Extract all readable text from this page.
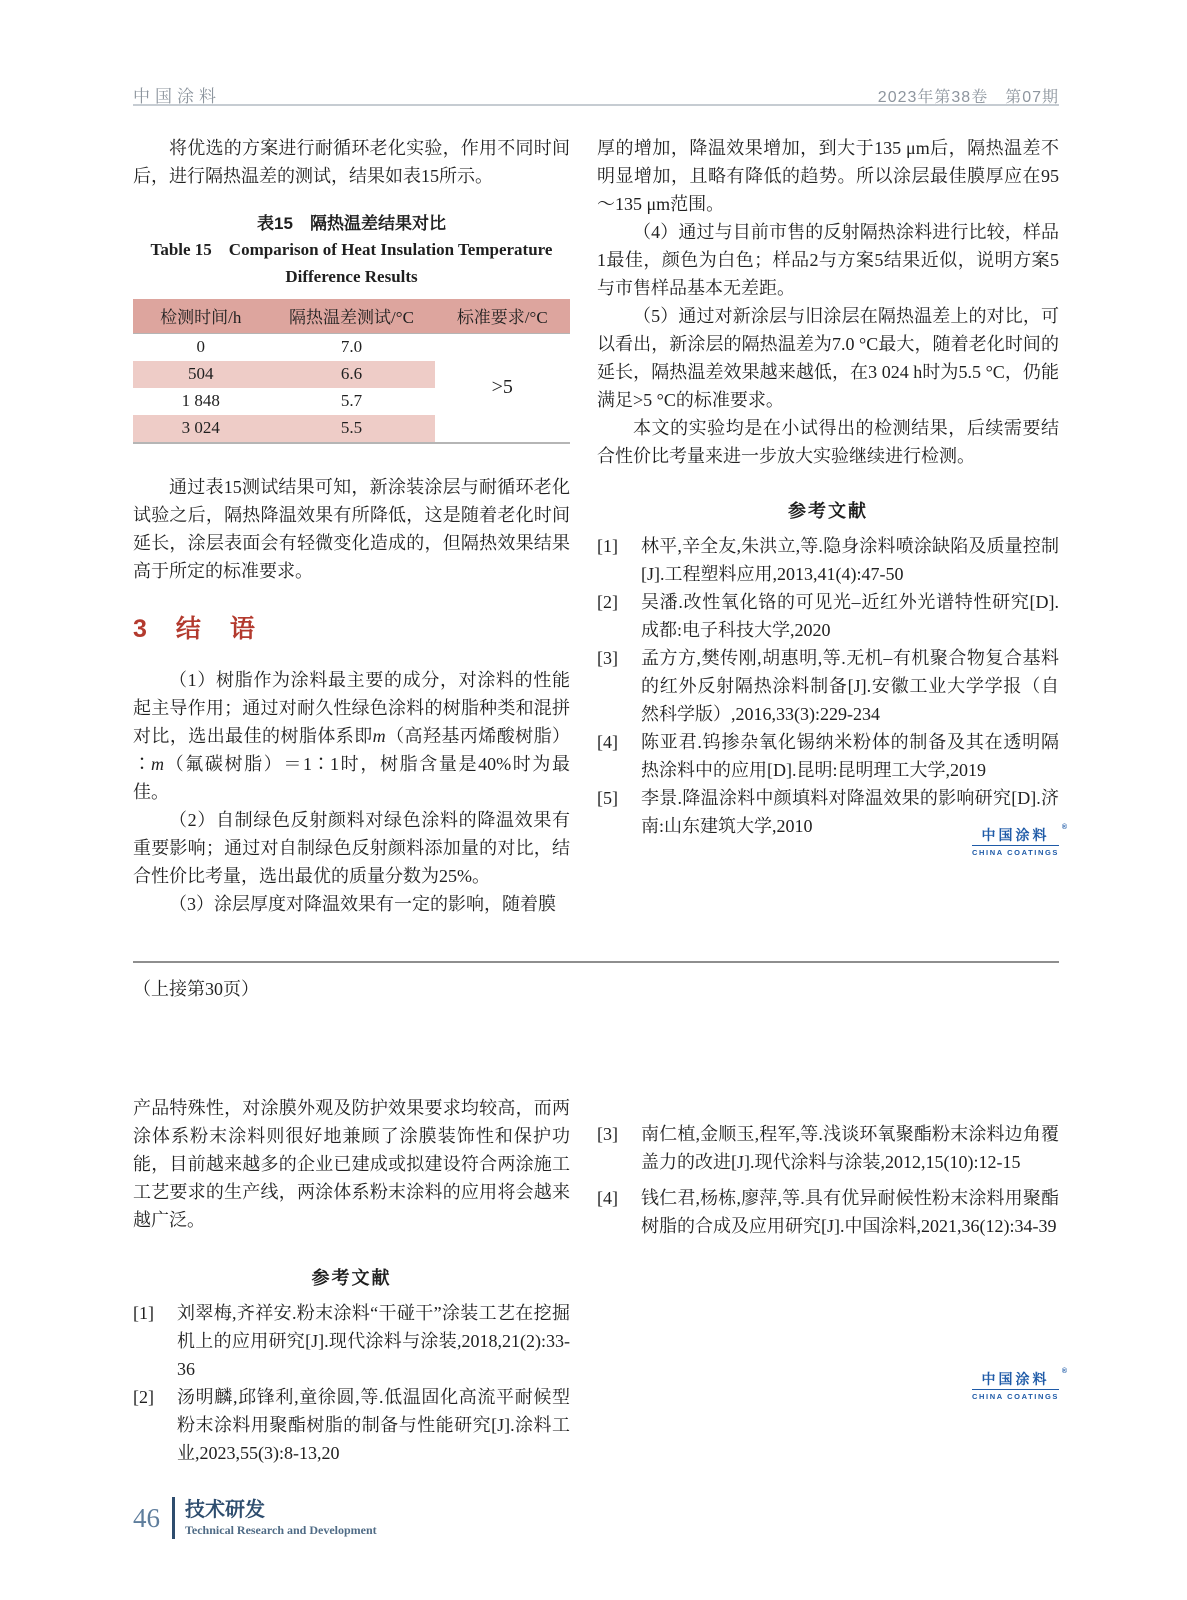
中国涂料	2023年第38卷　第07期

将优选的方案进行耐循环老化实验，作用不同时间后，进行隔热温差的测试，结果如表15所示。

表15　隔热温差结果对比
Table 15　Comparison of Heat Insulation Temperature
Difference Results
检测时间/h	隔热温差测试/°C	标准要求/°C
0	7.0	>5
504	6.6	
1 848	5.7	
3 024	5.5	

通过表15测试结果可知，新涂装涂层与耐循环老化试验之后，隔热降温效果有所降低，这是随着老化时间延长，涂层表面会有轻微变化造成的，但隔热效果结果高于所定的标准要求。

3　结　语

（1）树脂作为涂料最主要的成分，对涂料的性能起主导作用；通过对耐久性绿色涂料的树脂种类和混拼对比，选出最佳的树脂体系即m（高羟基丙烯酸树脂）∶m（氟碳树脂）＝1∶1时，树脂含量是40%时为最佳。

（2）自制绿色反射颜料对绿色涂料的降温效果有重要影响；通过对自制绿色反射颜料添加量的对比，结合性价比考量，选出最优的质量分数为25%。

（3）涂层厚度对降温效果有一定的影响，随着膜

厚的增加，降温效果增加，到大于135 μm后，隔热温差不明显增加，且略有降低的趋势。所以涂层最佳膜厚应在95～135 μm范围。

（4）通过与目前市售的反射隔热涂料进行比较，样品1最佳，颜色为白色；样品2与方案5结果近似，说明方案5与市售样品基本无差距。

（5）通过对新涂层与旧涂层在隔热温差上的对比，可以看出，新涂层的隔热温差为7.0 °C最大，随着老化时间的延长，隔热温差效果越来越低，在3 024 h时为5.5 °C，仍能满足>5 °C的标准要求。

本文的实验均是在小试得出的检测结果，后续需要结合性价比考量来进一步放大实验继续进行检测。

参考文献

[1] 林平,辛全友,朱洪立,等.隐身涂料喷涂缺陷及质量控制[J].工程塑料应用,2013,41(4):47-50

[2] 吴潘.改性氧化铬的可见光–近红外光谱特性研究[D].成都:电子科技大学,2020

[3] 孟方方,樊传刚,胡惠明,等.无机–有机聚合物复合基料的红外反射隔热涂料制备[J].安徽工业大学学报（自然科学版）,2016,33(3):229-234

[4] 陈亚君.钨掺杂氧化锡纳米粉体的制备及其在透明隔热涂料中的应用[D].昆明:昆明理工大学,2019

[5] 李景.降温涂料中颜填料对降温效果的影响研究[D].济南:山东建筑大学,2010	中国涂料 ®
CHINA COATINGS
（上接第30页）

产品特殊性，对涂膜外观及防护效果要求均较高，而两涂体系粉末涂料则很好地兼顾了涂膜装饰性和保护功能，目前越来越多的企业已建成或拟建设符合两涂施工工艺要求的生产线，两涂体系粉末涂料的应用将会越来越广泛。

参考文献

[1] 刘翠梅,齐祥安.粉末涂料“干碰干”涂装工艺在挖掘机上的应用研究[J].现代涂料与涂装,2018,21(2):33-36

[2] 汤明麟,邱锋利,童徐圆,等.低温固化高流平耐候型粉末涂料用聚酯树脂的制备与性能研究[J].涂料工业,2023,55(3):8-13,20

[3] 南仁植,金顺玉,程军,等.浅谈环氧聚酯粉末涂料边角覆盖力的改进[J].现代涂料与涂装,2012,15(10):12-15

[4] 钱仁君,杨栋,廖萍,等.具有优异耐候性粉末涂料用聚酯树脂的合成及应用研究[J].中国涂料,2021,36(12):34-39

中国涂料 ®
CHINA COATINGS
46 技术研发
Technical Research and Development
